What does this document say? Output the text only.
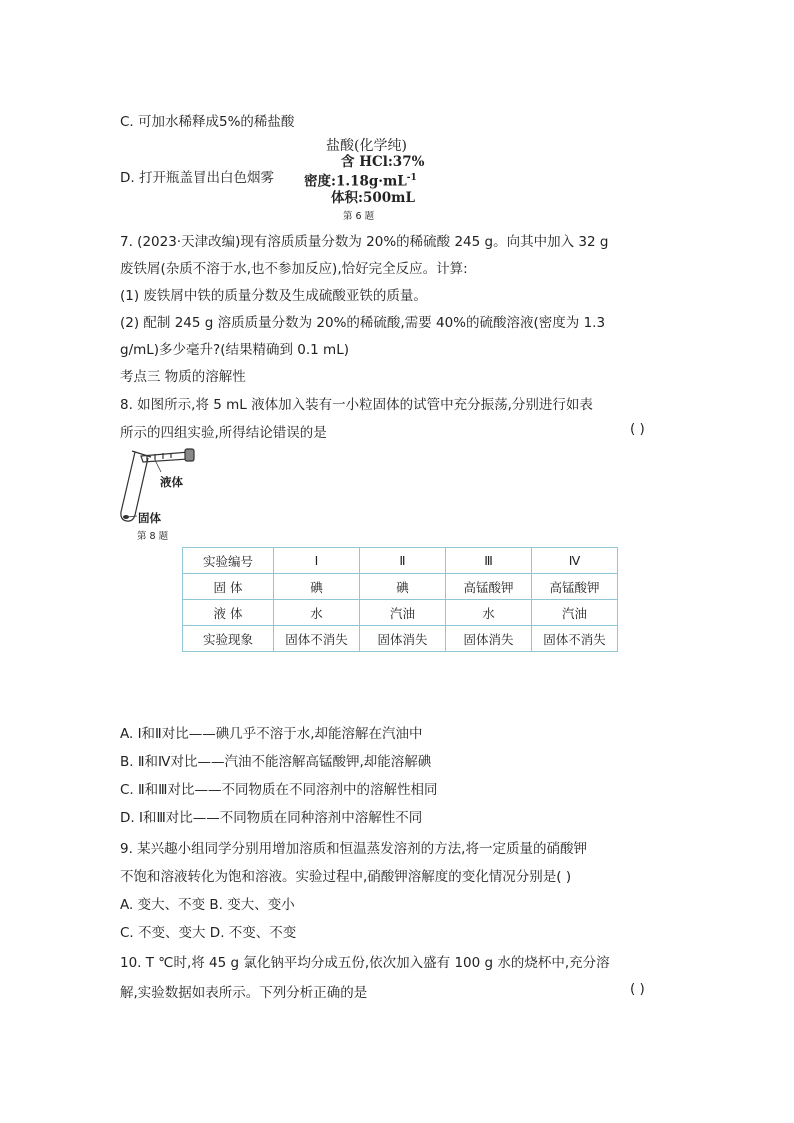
C. 可加水稀释成5%的稀盐酸
D. 打开瓶盖冒出白色烟雾
盐酸(化学纯)
含 HCl:37%
密度$:1.18g\cdot mL^{-1}$
体积:500mL
第 6 题
7. (2023·天津改编)现有溶质质量分数为 20%的稀硫酸 245 g。向其中加入 32 g
废铁屑(杂质不溶于水,也不参加反应),恰好完全反应。计算:
(1) 废铁屑中铁的质量分数及生成硫酸亚铁的质量。
(2) 配制 245 g 溶质质量分数为 20%的稀硫酸,需要 40%的硫酸溶液(密度为 1.3
g/mL)多少毫升?(结果精确到 0.1 mL)
考点三 物质的溶解性
8. 如图所示,将 5 mL 液体加入装有一小粒固体的试管中充分振荡,分别进行如表
所示的四组实验,所得结论错误的是	( )
液体
固体
第 8 题
实验编号	Ⅰ	Ⅱ	Ⅲ	Ⅳ
固 体	碘	碘	高锰酸钾	高锰酸钾
液 体	水	汽油	水	汽油
实验现象	固体不消失	固体消失	固体消失	固体不消失
A. Ⅰ和Ⅱ对比——碘几乎不溶于水,却能溶解在汽油中
B. Ⅱ和Ⅳ对比——汽油不能溶解高锰酸钾,却能溶解碘
C. Ⅱ和Ⅲ对比——不同物质在不同溶剂中的溶解性相同
D. Ⅰ和Ⅲ对比——不同物质在同种溶剂中溶解性不同
9. 某兴趣小组同学分别用增加溶质和恒温蒸发溶剂的方法,将一定质量的硝酸钾
不饱和溶液转化为饱和溶液。实验过程中,硝酸钾溶解度的变化情况分别是( )
A. 变大、不变 B. 变大、变小
C. 不变、变大 D. 不变、不变
10. T ℃时,将 45 g 氯化钠平均分成五份,依次加入盛有 100 g 水的烧杯中,充分溶
解,实验数据如表所示。下列分析正确的是	( )
